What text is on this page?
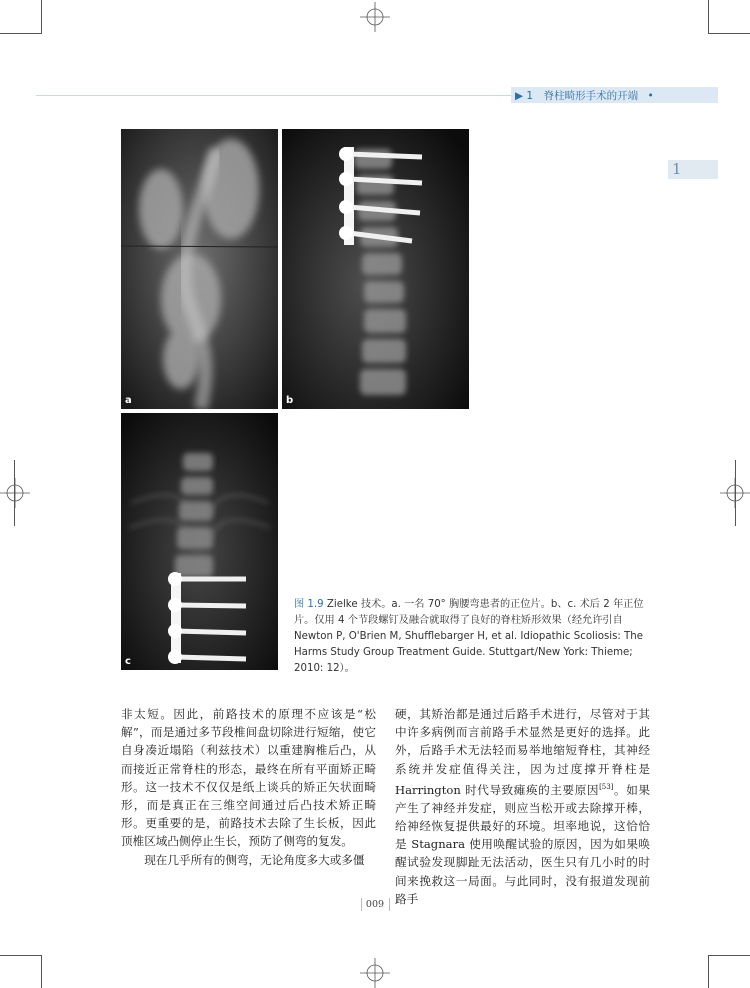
▶ 1　脊柱畸形手术的开端 •
1
a	b
c
图 1.9 Zielke 技术。a. 一名 70° 胸腰弯患者的正位片。b、c. 术后 2 年正位片。仅用 4 个节段螺钉及融合就取得了良好的脊柱矫形效果（经允许引自 Newton P, O'Brien M, Shufflebarger H, et al. Idiopathic Scoliosis: The Harms Study Group Treatment Guide. Stuttgart/New York: Thieme; 2010: 12）。

非太短。因此，前路技术的原理不应该是“松解”，而是通过多节段椎间盘切除进行短缩，使它自身凑近塌陷（利兹技术）以重建胸椎后凸，从而接近正常脊柱的形态，最终在所有平面矫正畸形。这一技术不仅仅是纸上谈兵的矫正矢状面畸形，而是真正在三维空间通过后凸技术矫正畸形。更重要的是，前路技术去除了生长板，因此顶椎区域凸侧停止生长，预防了侧弯的复发。

现在几乎所有的侧弯，无论角度多大或多僵

硬，其矫治都是通过后路手术进行，尽管对于其中许多病例而言前路手术显然是更好的选择。此外，后路手术无法轻而易举地缩短脊柱，其神经系统并发症值得关注，因为过度撑开脊柱是 Harrington 时代导致瘫痪的主要原因[53]。如果产生了神经并发症，则应当松开或去除撑开棒，给神经恢复提供最好的环境。坦率地说，这恰恰是 Stagnara 使用唤醒试验的原因，因为如果唤醒试验发现脚趾无法活动，医生只有几小时的时间来挽救这一局面。与此同时，没有报道发现前路手

009
